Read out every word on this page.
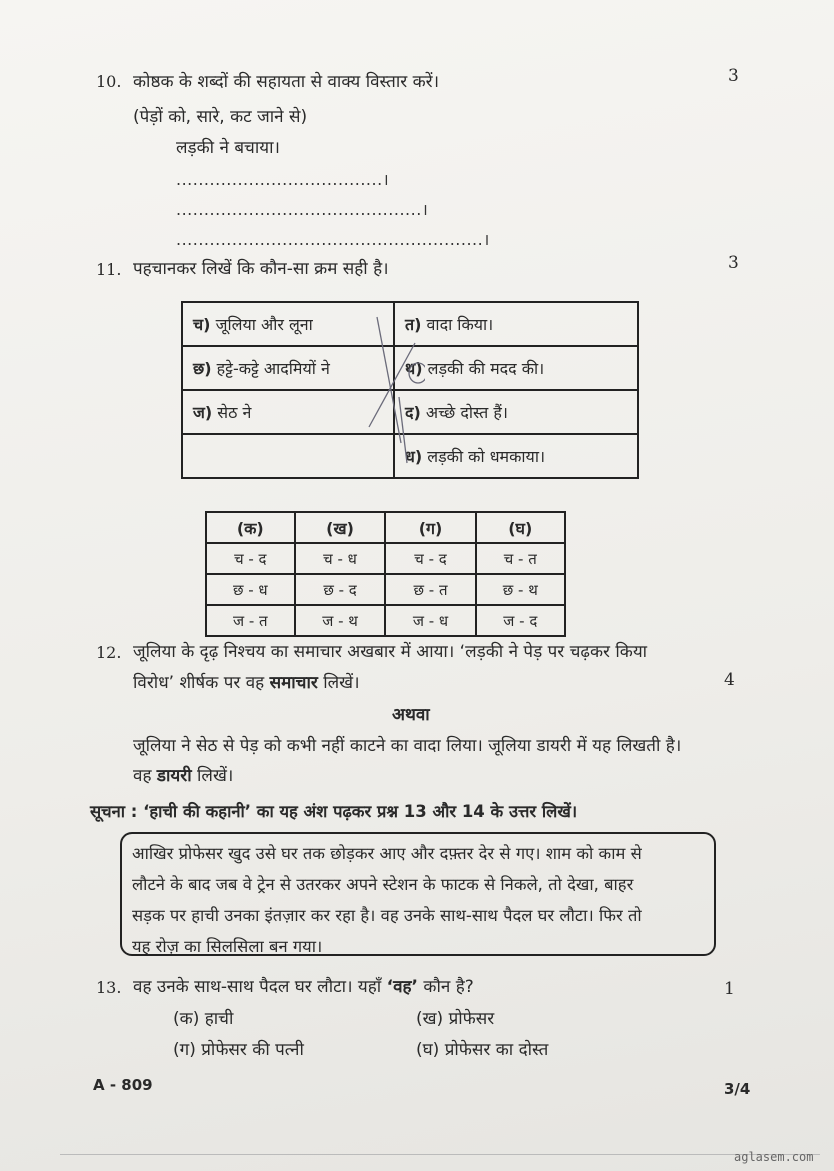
10. कोष्ठक के शब्दों की सहायता से वाक्य विस्तार करें।	3
(पेड़ों को, सारे, कट जाने से)
लड़की ने बचाया।
.....................................।
............................................।
.......................................................।
11. पहचानकर लिखें कि कौन-सा क्रम सही है।	3
च) जूलिया और लूना	त) वादा किया।
छ) हट्टे-कट्टे आदमियों ने	थ) लड़की की मदद की।
ज) सेठ ने	द) अच्छे दोस्त हैं।
	ध) लड़की को धमकाया।
(क)	(ख)	(ग)	(घ)
च - द	च - ध	च - द	च - त
छ - ध	छ - द	छ - त	छ - थ
ज - त	ज - थ	ज - ध	ज - द
12. जूलिया के दृढ़ निश्चय का समाचार अखबार में आया। ‘लड़की ने पेड़ पर चढ़कर किया
विरोध’ शीर्षक पर वह समाचार लिखें।	4
अथवा
जूलिया ने सेठ से पेड़ को कभी नहीं काटने का वादा लिया। जूलिया डायरी में यह लिखती है।
वह डायरी लिखें।
सूचना : ‘हाची की कहानी’ का यह अंश पढ़कर प्रश्न 13 और 14 के उत्तर लिखें।

आखिर प्रोफेसर खुद उसे घर तक छोड़कर आए और दफ़्तर देर से गए। शाम को काम से

लौटने के बाद जब वे ट्रेन से उतरकर अपने स्टेशन के फाटक से निकले, तो देखा, बाहर

सड़क पर हाची उनका इंतज़ार कर रहा है। वह उनके साथ-साथ पैदल घर लौटा। फिर तो

यह रोज़ का सिलसिला बन गया।

13. वह उनके साथ-साथ पैदल घर लौटा। यहाँ ‘वह’ कौन है?	1
(क) हाची	(ख) प्रोफेसर
(ग) प्रोफेसर की पत्नी	(घ) प्रोफेसर का दोस्त
A - 809	3/4
aglasem.com
